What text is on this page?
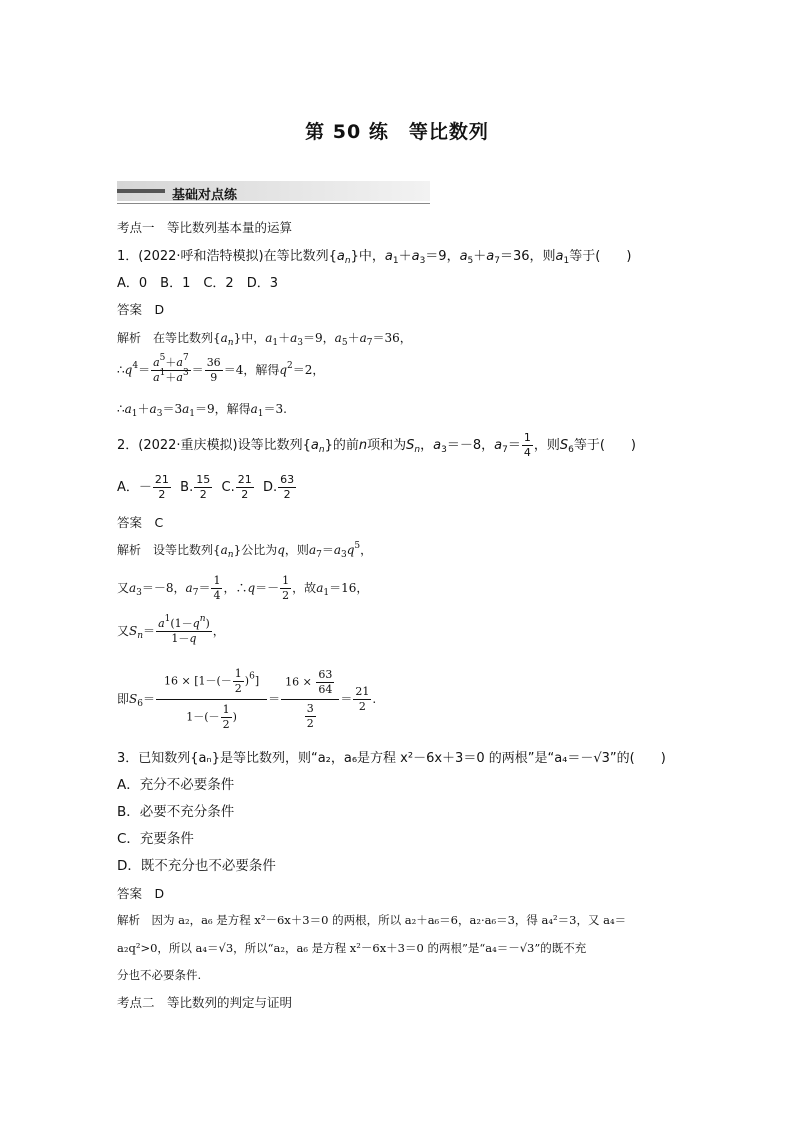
第 50 练　等比数列
基础对点练
考点一　等比数列基本量的运算
1．(2022·呼和浩特模拟)在等比数列$\{a_n\}$中，$a_1+a_3=9$，$a_5+a_7=36$，则$a_1$等于(　　)
A．0　B．1　C．2　D．3
答案　D
解析　在等比数列$\{a_n\}$中，$a_1+a_3=9$，$a_5+a_7=36$，
$\therefore q^4= \frac{a^5+a^7}{a^1+a^3} = \frac{36}{9} =4$，解得$q^2=2$，
$\therefore a_1+a_3=3a_1=9$，解得$a_1=3$.
2．(2022·重庆模拟)设等比数列$\{a_n\}$的前n项和为$S_n$，$a_3=-8$，$a_7= \frac{1}{4}$ ，则$S_6$等于(　　)
A．－ $\frac{21}{2} B$. $\frac{15}{2} C$. $\frac{21}{2} D$. $\frac{63}{2}$
答案　C
解析　设等比数列$\{a_n\}$公比为q，则$a_7=a_3q^5$，
又$a_3=-8$，$a_7= \frac{1}{4}$ ，∴q＝－ $\frac{1}{2}$ ，故$a_1=16$，
又$S_n= \frac{a^1(1-q^n)}{1-q}$ ，
即$S_6= \frac{16 \times [1-(- \frac{1}{2} )^6]}{1-(- \frac{1}{2} )} = \frac{16 \times \frac{63}{64}}{\frac{3}{2}} = \frac{21}{2}$ .
3．已知数列{aₙ}是等比数列，则“a₂，a₆是方程 x²－6x＋3＝0 的两根”是“a₄＝－√3”的(　　)
A．充分不必要条件
B．必要不充分条件
C．充要条件
D．既不充分也不必要条件
答案　D
解析　因为 a₂，a₆ 是方程 x²－6x＋3＝0 的两根，所以 a₂＋a₆＝6，a₂·a₆＝3，得 a₄²＝3，又 a₄＝
a₂q²>0，所以 a₄＝√3，所以“a₂，a₆ 是方程 x²－6x＋3＝0 的两根”是“a₄＝－√3”的既不充
分也不必要条件.
考点二　等比数列的判定与证明
